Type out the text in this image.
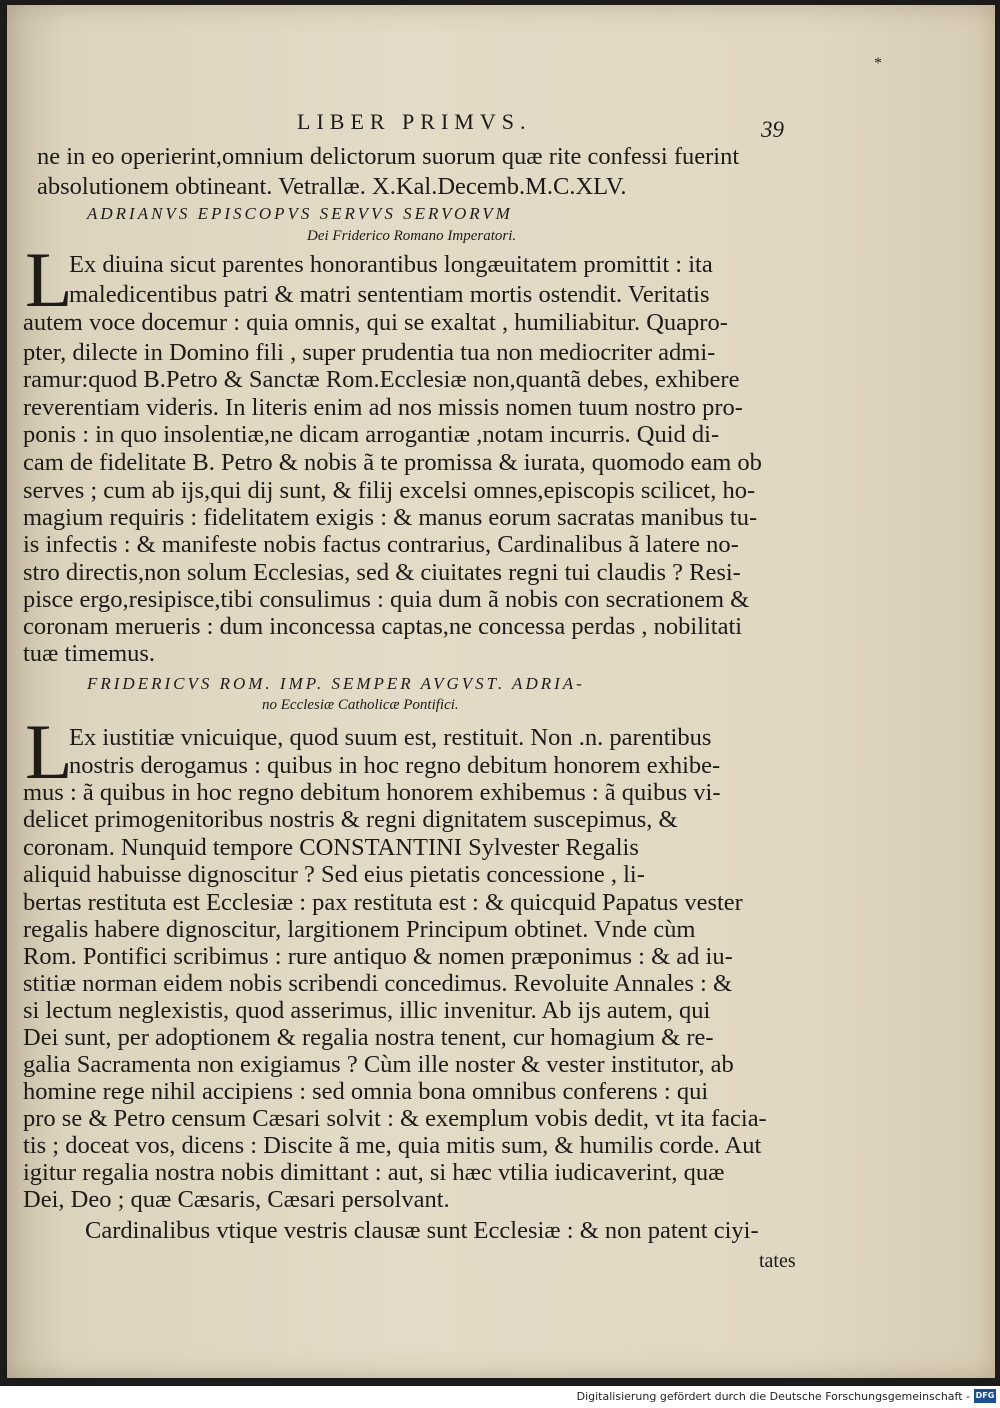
*
LIBER PRIMVS.	39
ne in eo operierint,omnium delictorum suorum quæ rite confessi fuerint
absolutionem obtineant. Vetrallæ. X.Kal.Decemb.M.C.XLV.
ADRIANVS EPISCOPVS SERVVS SERVORVM
Dei Friderico Romano Imperatori.
L
Ex diuina sicut parentes honorantibus longæuitatem promittit : ita
maledicentibus patri & matri sententiam mortis ostendit. Veritatis
autem voce docemur : quia omnis, qui se exaltat , humiliabitur. Quapro-
pter, dilecte in Domino fili , super prudentia tua non mediocriter admi-
ramur:quod B.Petro & Sanctæ Rom.Ecclesiæ non,quantã debes, exhibere
reverentiam videris. In literis enim ad nos missis nomen tuum nostro pro-
ponis : in quo insolentiæ,ne dicam arrogantiæ ,notam incurris. Quid di-
cam de fidelitate B. Petro & nobis ã te promissa & iurata, quomodo eam ob
serves ; cum ab ijs,qui dij sunt, & filij excelsi omnes,episcopis scilicet, ho-
magium requiris : fidelitatem exigis : & manus eorum sacratas manibus tu-
is infectis : & manifeste nobis factus contrarius, Cardinalibus ã latere no-
stro directis,non solum Ecclesias, sed & ciuitates regni tui claudis ? Resi-
pisce ergo,resipisce,tibi consulimus : quia dum ã nobis con secrationem &
coronam merueris : dum inconcessa captas,ne concessa perdas , nobilitati
tuæ timemus.
FRIDERICVS ROM. IMP. SEMPER AVGVST. ADRIA-
no Ecclesiæ Catholicæ Pontifici.
L
Ex iustitiæ vnicuique, quod suum est, restituit. Non .n. parentibus
nostris derogamus : quibus in hoc regno debitum honorem exhibe-
mus : ã quibus in hoc regno debitum honorem exhibemus : ã quibus vi-
delicet primogenitoribus nostris & regni dignitatem suscepimus, &
coronam. Nunquid tempore CONSTANTINI Sylvester Regalis
aliquid habuisse dignoscitur ? Sed eius pietatis concessione , li-
bertas restituta est Ecclesiæ : pax restituta est : & quicquid Papatus vester
regalis habere dignoscitur, largitionem Principum obtinet. Vnde cùm
Rom. Pontifici scribimus : rure antiquo & nomen præponimus : & ad iu-
stitiæ norman eidem nobis scribendi concedimus. Revoluite Annales : &
si lectum neglexistis, quod asserimus, illic invenitur. Ab ijs autem, qui
Dei sunt, per adoptionem & regalia nostra tenent, cur homagium & re-
galia Sacramenta non exigiamus ? Cùm ille noster & vester institutor, ab
homine rege nihil accipiens : sed omnia bona omnibus conferens : qui
pro se & Petro censum Cæsari solvit : & exemplum vobis dedit, vt ita facia-
tis ; doceat vos, dicens : Discite ã me, quia mitis sum, & humilis corde. Aut
igitur regalia nostra nobis dimittant : aut, si hæc vtilia iudicaverint, quæ
Dei, Deo ; quæ Cæsaris, Cæsari persolvant.
Cardinalibus vtique vestris clausæ sunt Ecclesiæ : & non patent ciyi-
tates
Digitalisierung gefördert durch die Deutsche Forschungsgemeinschaft - DFG
